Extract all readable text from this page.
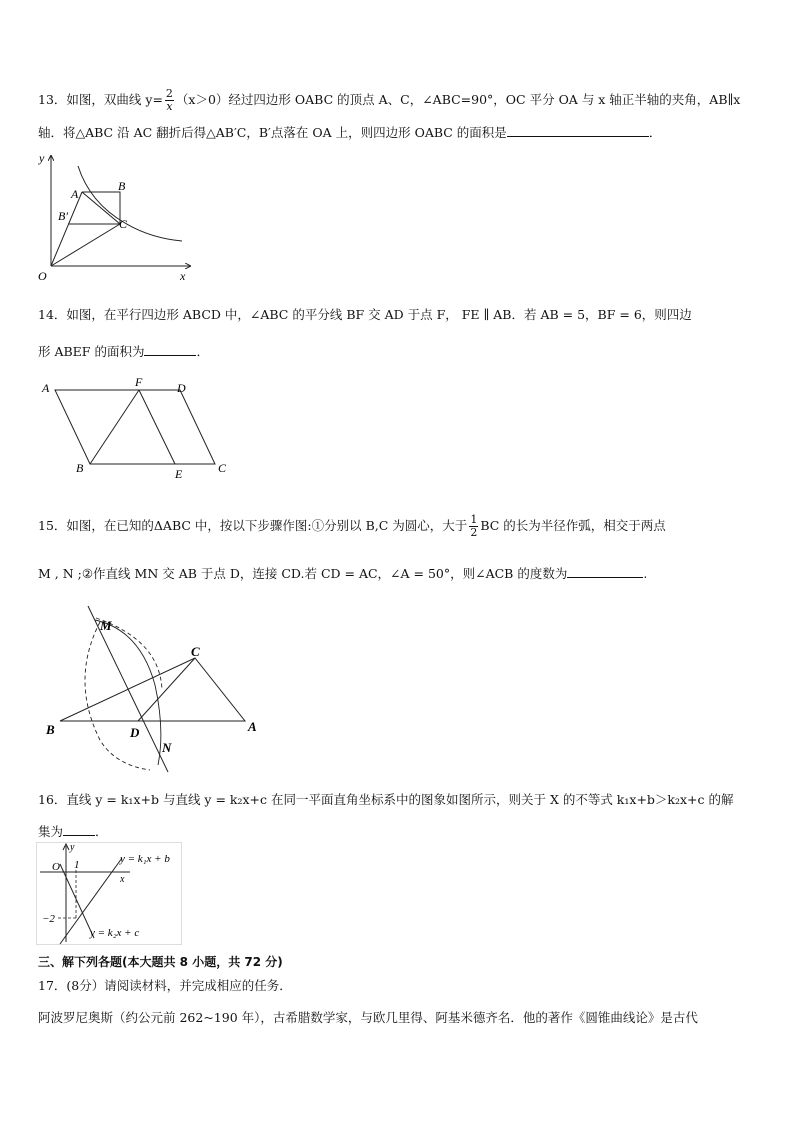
13．如图，双曲线 $y= \frac{2}{x} (x>0)$经过四边形 OABC 的顶点 A、C，∠ABC=90°，OC 平分 OA 与 x 轴正半轴的夹角，AB∥x
轴．将△ABC 沿 AC 翻折后得△AB′C，B′点落在 OA 上，则四边形 OABC 的面积是	．
y
x
O
A
B
B′
C
14．如图，在平行四边形 ABCD 中，∠ABC 的平分线 BF 交 AD 于点 F， FE ∥ AB．若 AB = 5，BF = 6，则四边
形 ABEF 的面积为	．
A	F	D
B	E	C
15．如图，在已知的ΔABC 中，按以下步骤作图:①分别以 B,C 为圆心，大于 $\frac{1}{2}$ BC 的长为半径作弧，相交于两点
M , N ;②作直线 MN 交 AB 于点 D，连接 CD.若 CD = AC，∠A = 50°，则∠ACB 的度数为	.
M
C
B	D	A
N
16．直线 y = k₁x+b 与直线 y = k₂x+c 在同一平面直角坐标系中的图象如图所示，则关于 X 的不等式 k₁x+b＞k₂x+c 的解
集为	．
O
y
1
x
−2
y = k₁x + b
y = k₂x + c
三、解下列各题(本大题共 8 小题，共 72 分)
17．(8分）请阅读材料，并完成相应的任务．
阿波罗尼奥斯（约公元前 262~190 年），古希腊数学家，与欧几里得、阿基米德齐名．他的著作《圆锥曲线论》是古代
